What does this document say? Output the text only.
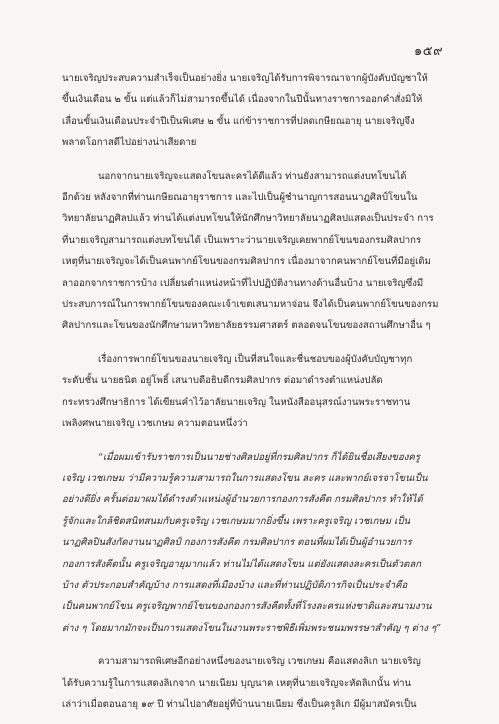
๑๕๙

นายเจริญประสบความสำเร็จเป็นอย่างยิ่ง นายเจริญได้รับการพิจารณาจากผู้บังคับบัญชาให้
ขึ้นเงินเดือน ๒ ขั้น แต่แล้วก็ไม่สามารถขึ้นได้ เนื่องจากในปีนั้นทางราชการออกคำสั่งมิให้
เลื่อนขั้นเงินเดือนประจำปีเป็นพิเศษ ๒ ขั้น แก่ข้าราชการที่ปลดเกษียณอายุ นายเจริญจึง
พลาดโอกาสดีไปอย่างน่าเสียดาย

นอกจากนายเจริญจะแสดงโขนละครได้ดีแล้ว ท่านยังสามารถแต่งบทโขนได้
อีกด้วย หลังจากที่ท่านเกษียณอายุราชการ และไปเป็นผู้ชำนาญการสอนนาฏศิลป์โขนใน
วิทยาลัยนาฏศิลปแล้ว ท่านได้แต่งบทโขนให้นักศึกษาวิทยาลัยนาฏศิลปแสดงเป็นประจำ การ
ที่นายเจริญสามารถแต่งบทโขนได้ เป็นเพราะว่านายเจริญเคยพากย์โขนของกรมศิลปากร
เหตุที่นายเจริญจะได้เป็นคนพากย์โขนของกรมศิลปากร เนื่องมาจากคนพากย์โขนที่มีอยู่เดิม
ลาออกจากราชการบ้าง เปลี่ยนตำแหน่งหน้าที่ไปปฏิบัติงานทางด้านอื่นบ้าง นายเจริญซึ่งมี
ประสบการณ์ในการพากย์โขนของคณะเจ้าเขตเสนามหาจ่อน จึงได้เป็นคนพากย์โขนของกรม
ศิลปากรและโขนของนักศึกษามหาวิทยาลัยธรรมศาสตร์ ตลอดจนโขนของสถานศึกษาอื่น ๆ

เรื่องการพากย์โขนของนายเจริญ เป็นที่สนใจและชื่นชอบของผู้บังคับบัญชาทุก
ระดับชั้น นายธนิต อยู่โพธิ์ เสนาบดีอธิบดีกรมศิลปากร ต่อมาดำรงตำแหน่งปลัด
กระทรวงศึกษาธิการ ได้เขียนคำไว้อาลัยนายเจริญ ในหนังสืออนุสรณ์งานพระราชทาน
เพลิงศพนายเจริญ เวชเกษม ความตอนหนึ่งว่า

“เมื่อผมเข้ารับราชการเป็นนายช่างศิลปอยู่ที่กรมศิลปากร ก็ได้ยินชื่อเสียงของครู
เจริญ เวชเกษม ว่ามีความรู้ความสามารถในการแสดงโขน ละคร และพากย์เจรจาโขนเป็น
อย่างดียิ่ง ครั้นต่อมาผมได้ดำรงตำแหน่งผู้อำนวยการกองการสังคีต กรมศิลปากร ทำให้ได้
รู้จักและใกล้ชิดสนิทสนมกับครูเจริญ เวชเกษมมากยิ่งขึ้น เพราะครูเจริญ เวชเกษม เป็น
นาฏศิลปินสังกัดงานนาฏศิลป์ กองการสังคีต กรมศิลปากร ตอนที่ผมได้เป็นผู้อำนวยการ
กองการสังคีตนั้น ครูเจริญอายุมากแล้ว ท่านไม่ได้แสดงโขน แต่ยังแสดงละครเป็นตัวตลก
บ้าง ตัวประกอบสำคัญบ้าง การแสดงที่เมืองบ้าง และที่ท่านปฏิบัติภารกิจเป็นประจำคือ
เป็นคนพากย์โขน ครูเจริญพากย์โขนของกองการสังคีตทั้งที่โรงละครแห่งชาติและสนามงาน
ต่าง ๆ โดยมากมักจะเป็นการแสดงโขนในงานพระราชพิธีเพิ่มพระชนมพรรษาสำคัญ ๆ ต่าง ๆ”

ความสามารถพิเศษอีกอย่างหนึ่งของนายเจริญ เวชเกษม คือแสดงลิเก นายเจริญ
ได้รับความรู้ในการแสดงลิเกจาก นายเนียม บุญนาค เหตุที่นายเจริญจะหัดลิเกนั้น ท่าน
เล่าว่าเมื่อตอนอายุ ๑๙ ปี ท่านไปอาศัยอยู่ที่บ้านนายเนียม ซึ่งเป็นครูลิเก มีผู้มาสมัครเป็น
